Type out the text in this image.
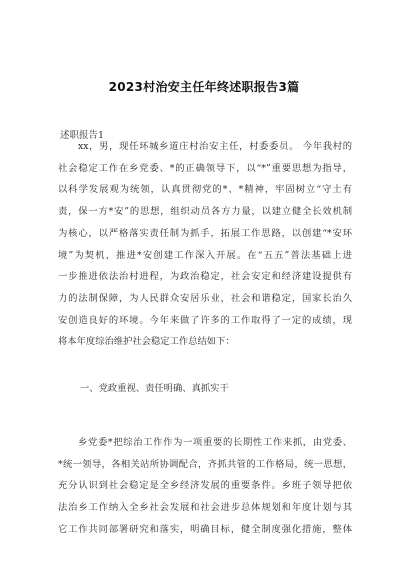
2023村治安主任年终述职报告3篇
述职报告1
xx，男，现任环城乡道庄村治安主任，村委委员。 今年我村的
社会稳定工作在乡党委、*的正确领导下，以“*”重要思想为指导，
以科学发展观为统领，认真贯彻党的*、*精神，牢固树立“守土有
责，保一方*安”的思想，组织动员各方力量，以建立健全长效机制
为核心，以严格落实责任制为抓手，拓展工作思路，以创建“*安环
境”为契机，推进*安创建工作深入开展。在“五五”普法基础上进
一步推进依法治村进程，为政治稳定，社会安定和经济建设提供有
力的法制保障，为人民群众安居乐业，社会和谐稳定，国家长治久
安创造良好的环境。今年来做了许多的工作取得了一定的成绩，现
将本年度综治维护社会稳定工作总结如下：
一、党政重视、责任明确、真抓实干
乡党委*把综治工作作为一项重要的长期性工作来抓，由党委、
*统一领导，各相关站所协调配合，齐抓共管的工作格局，统一思想，
充分认识到社会稳定是全乡经济发展的重要条件。乡班子领导把依
法治乡工作纳入全乡社会发展和社会进步总体规划和年度计划与其
它工作共同部署研究和落实，明确目标，健全制度强化措施，整体
